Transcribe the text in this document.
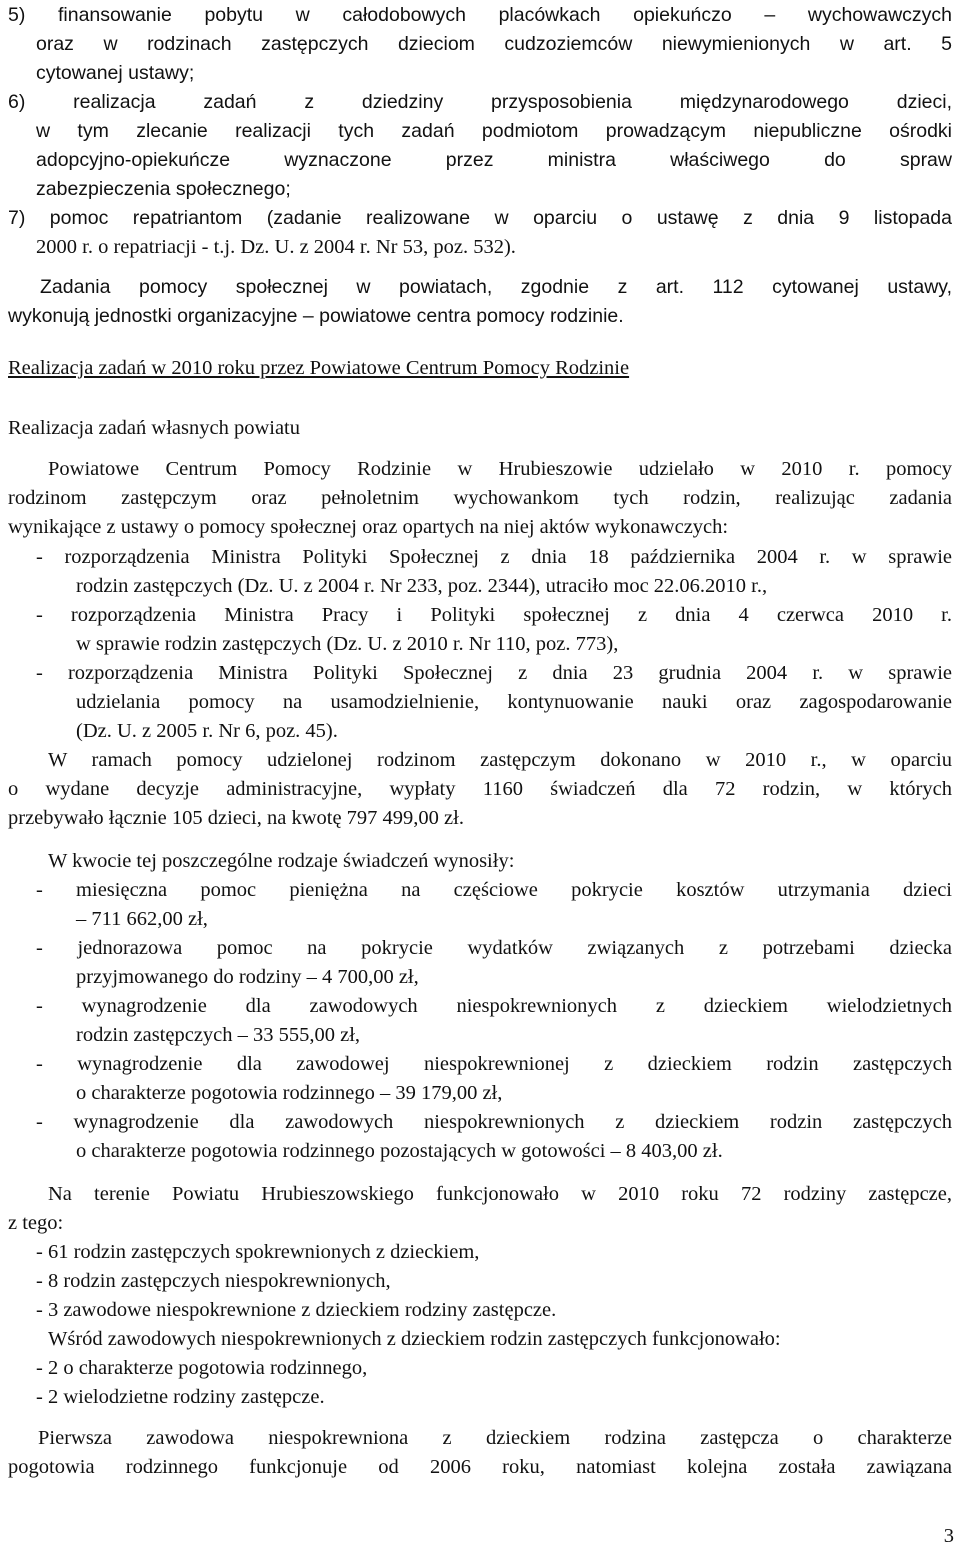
5) finansowanie pobytu w całodobowych placówkach opiekuńczo – wychowawczych
oraz w rodzinach zastępczych dzieciom cudzoziemców niewymienionych w art. 5
cytowanej ustawy;
6) realizacja zadań z dziedziny przysposobienia międzynarodowego dzieci,
w tym zlecanie realizacji tych zadań podmiotom prowadzącym niepubliczne ośrodki
adopcyjno-opiekuńcze wyznaczone przez ministra właściwego do spraw
zabezpieczenia społecznego;
7) pomoc repatriantom (zadanie realizowane w oparciu o ustawę z dnia 9 listopada
2000 r. o repatriacji - t.j. Dz. U. z 2004 r. Nr 53, poz. 532).
Zadania pomocy społecznej w powiatach, zgodnie z art. 112 cytowanej ustawy,
wykonują jednostki organizacyjne – powiatowe centra pomocy rodzinie.
Realizacja zadań w 2010 roku przez Powiatowe Centrum Pomocy Rodzinie
Realizacja zadań własnych powiatu
Powiatowe Centrum Pomocy Rodzinie w Hrubieszowie udzielało w 2010 r. pomocy
rodzinom zastępczym oraz pełnoletnim wychowankom tych rodzin, realizując zadania
wynikające z ustawy o pomocy społecznej oraz opartych na niej aktów wykonawczych:
- rozporządzenia Ministra Polityki Społecznej z dnia 18 października 2004 r. w sprawie
rodzin zastępczych (Dz. U. z 2004 r. Nr 233, poz. 2344), utraciło moc 22.06.2010 r.,
- rozporządzenia Ministra Pracy i Polityki społecznej z dnia 4 czerwca 2010 r.
w sprawie rodzin zastępczych (Dz. U. z 2010 r. Nr 110, poz. 773),
- rozporządzenia Ministra Polityki Społecznej z dnia 23 grudnia 2004 r. w sprawie
udzielania pomocy na usamodzielnienie, kontynuowanie nauki oraz zagospodarowanie
(Dz. U. z 2005 r. Nr 6, poz. 45).
W ramach pomocy udzielonej rodzinom zastępczym dokonano w 2010 r., w oparciu
o wydane decyzje administracyjne, wypłaty 1160 świadczeń dla 72 rodzin, w których
przebywało łącznie 105 dzieci, na kwotę 797 499,00 zł.
W kwocie tej poszczególne rodzaje świadczeń wynosiły:
- miesięczna pomoc pieniężna na częściowe pokrycie kosztów utrzymania dzieci
– 711 662,00 zł,
- jednorazowa pomoc na pokrycie wydatków związanych z potrzebami dziecka
przyjmowanego do rodziny – 4 700,00 zł,
- wynagrodzenie dla zawodowych niespokrewnionych z dzieckiem wielodzietnych
rodzin zastępczych – 33 555,00 zł,
- wynagrodzenie dla zawodowej niespokrewnionej z dzieckiem rodzin zastępczych
o charakterze pogotowia rodzinnego – 39 179,00 zł,
- wynagrodzenie dla zawodowych niespokrewnionych z dzieckiem rodzin zastępczych
o charakterze pogotowia rodzinnego pozostających w gotowości – 8 403,00 zł.
Na terenie Powiatu Hrubieszowskiego funkcjonowało w 2010 roku 72 rodziny zastępcze,
z tego:
- 61 rodzin zastępczych spokrewnionych z dzieckiem,
- 8 rodzin zastępczych niespokrewnionych,
- 3 zawodowe niespokrewnione z dzieckiem rodziny zastępcze.
Wśród zawodowych niespokrewnionych z dzieckiem rodzin zastępczych funkcjonowało:
- 2 o charakterze pogotowia rodzinnego,
- 2 wielodzietne rodziny zastępcze.
Pierwsza zawodowa niespokrewniona z dzieckiem rodzina zastępcza o charakterze
pogotowia rodzinnego funkcjonuje od 2006 roku, natomiast kolejna została zawiązana
3
